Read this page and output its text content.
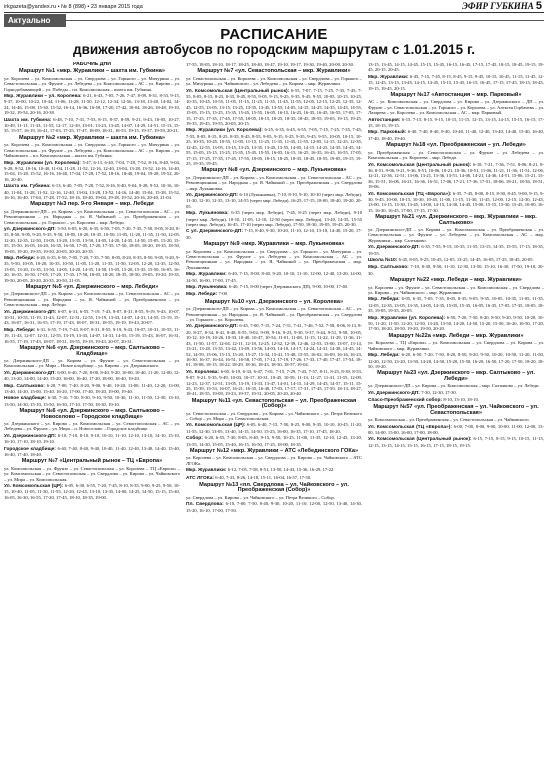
irkgazeta@yandex.ru • № 8 (898) • 23 января 2015 года	ЭФИР ГУБКИНА 5
Актуально
РАСПИСАНИЕ
движения автобусов по городским маршрутам с 1.01.2015 г.
РАБОЧИЕ ДНИ
Маршрут №1 «мкр. Журавлики – шахта им. Губкина»

ул. Королева – ул. Комсомольская – ул. Свердлова – ул. Горького – ул. Мичурина – ул. Севастопольская – ул. Фрунзе – ул. Лебедева – ул. Комсомольская – АС – ул. Кирова – ул. Горнодобывающей – ул. Победы – пл. Комсомольская – шахта им. Губкина.

Мкр. Журавлики – ул. Королева: 6-21, 6-43, 7-05, 7-26, 7-47, 8-09, 8-31, 8-53, 9-15, 9-37, 10-00, 10-22, 10-44, 11-06, 11-28, 11-50, 12-12, 12-34, 12-56, 13-18, 13-40, 14-02, 14-24, 14-46, 15-08, 15-30, 15-52, 16-14, 16-36, 16-58, 17-20, 17-42, 18-04, 18-26, 18-48, 19-10, 19-32, 19-54, 20-16, 20-38.

Шахта им. Губкина: 6-48, 7-10, 7-31, 7-53, 8-15, 8-37, 8-59, 9-21, 9-43, 10-05, 10-27, 10-49, 11-11, 11-33, 11-55, 12-17, 12-39, 13-01, 13-23, 13-45, 14-07, 14-29, 14-51, 15-13, 15-35, 15-57, 16-19, 16-41, 17-03, 17-25, 17-47, 18-09, 18-31, 18-53, 19-15, 19-37, 19-59, 20-21.

Маршрут №2 «мкр. Журавлики – шахта им. Губкина»

ул. Королева – ул. Комсомольская – ул. Свердлова – ул. Горького – ул. Мичурина – ул. Севастопольская – ул. Фрунзе – ул. Лебедева – ул. Комсомольская – АС – ул. Кирова – ул. Чайковского – пл. Комсомольская – шахта им. Губкина.

Мкр. Журавлики (ул. Королева): 5-47, 6-13, 6-40, 7-04, 7-28, 7-52, 8-16, 8-40, 9-04, 9-28, 9-52, 10-16, 10-40, 11-04, 11-28, 11-52, 12-16, 12-40, 13-04, 13-28, 13-52, 14-16, 14-40, 15-04, 15-28, 15-52, 16-16, 16-40, 17-04, 17-28, 17-52, 18-16, 18-40, 19-04, 19-28, 19-52, 20-16, 20-40.

Шахта им. Губкина: 6-13, 6-40, 7-05, 7-28, 7-52, 8-16, 8-40, 9-04, 9-28, 9-52, 10-16, 10-40, 11-04, 11-28, 11-52, 12-16, 12-40, 13-04, 13-28, 13-52, 14-16, 14-40, 15-04, 15-28, 15-52, 16-16, 16-40, 17-04, 17-28, 17-52, 18-16, 18-40, 19-04, 19-28, 19-52, 20-16, 20-40, 21-04.

Маршрут №3 пер. 9-го Января – мкр. Лебеди

ул. Дзержинского-ДП – ул. Кирова – ул. Комсомольская – ул. Севастопольская – АС – ул. Революционная – ул. Народная – ул. Я. Чайкиной – ул. Преображенская – ул. Севастопольская – ул. Горького – ул. Королева – мкр. Лебеди.

ул. Дзержинского-ДП: 5-50, 6-05, 6-20, 6-35, 6-50, 7-05, 7-20, 7-35, 7-50, 8-05, 8-20, 8-35, 8-50, 9-05, 9-20, 9-35, 9-50, 10-05, 10-20, 10-35, 10-50, 11-05, 11-20, 11-35, 11-50, 12-05, 12-20, 12-35, 12-50, 13-05, 13-20, 13-35, 13-50, 14-05, 14-20, 14-35, 14-50, 15-05, 15-20, 15-35, 15-50, 16-05, 16-20, 16-35, 16-50, 17-05, 17-20, 17-35, 17-50, 18-05, 18-20, 18-35, 18-50, 19-05, 19-20, 19-35, 19-50, 20-05, 20-20, 20-35.

Мкр. Лебеди: 6-20, 6-35, 6-50, 7-05, 7-20, 7-35, 7-50, 8-05, 8-20, 8-35, 8-50, 9-05, 9-20, 9-35, 9-50, 10-05, 10-20, 10-35, 10-50, 11-05, 11-20, 11-35, 11-50, 12-05, 12-20, 12-35, 12-50, 13-05, 13-20, 13-35, 13-50, 14-05, 14-20, 14-35, 14-50, 15-05, 15-20, 15-35, 15-50, 16-05, 16-20, 16-35, 16-50, 17-05, 17-20, 17-35, 17-50, 18-05, 18-20, 18-35, 18-50, 19-05, 19-20, 19-35, 19-50, 20-05, 20-20, 20-35, 20-50, 21-05.

Маршрут №5 «ул. Дзержинского – мкр. Лебеди»

ул. Дзержинского-ДП – ул. Кирова – ул. Комсомольская – ул. Севастопольская – АС – ул. Революционная – ул. Народная – ул. Я. Чайкиной – ул. Преображенская – ул. Севастопольская – мкр. Лебеди.

Ул. Дзержинского-ДП: 6-07, 6-31, 6-55, 7-19, 7-43, 8-07, 8-31, 8-55, 9-19, 9-43, 10-07, 10-31, 10-55, 11-19, 11-43, 12-07, 12-31, 12-55, 13-19, 13-43, 14-07, 14-31, 14-55, 15-19, 15-43, 16-07, 16-31, 16-55, 17-19, 17-43, 18-07, 18-31, 18-55, 19-19, 19-43, 20-07.

Мкр. Лебеди: 6-31, 6-55, 7-19, 7-43, 8-07, 8-31, 8-55, 9-19, 9-43, 10-07, 10-31, 10-55, 11-19, 11-43, 12-07, 12-31, 12-55, 13-19, 13-43, 14-07, 14-31, 14-55, 15-19, 15-43, 16-07, 16-31, 16-55, 17-19, 17-43, 18-07, 18-31, 18-55, 19-19, 19-43, 20-07, 20-31.

Маршрут №6 «ул. Дзержинского – мкр. Салтыково – Кладбище»

ул. Дзержинского-ДП – ул. Кирова – ул. Фрунзе – ул. Севастопольская – ул. Комсомольская – ул. Мира – Новое кладбище – ул. Кирова – ул. Дзержинского.

Ул. Дзержинского-ДП: 6-00, 6-40, 7-20, 8-00, 8-40, 9-20, 10-00, 10-40, 11-20, 12-00, 12-40, 13-20, 14-00, 14-40, 15-20, 16-00, 16-40, 17-20, 18-00, 18-40, 19-20.

Мкр. Салтыково: 6-20, 7-00, 7-40, 8-20, 9-00, 9-40, 10-20, 11-00, 11-40, 12-20, 13-00, 13-40, 14-20, 15-00, 15-40, 16-20, 17-00, 17-40, 18-20, 19-00, 19-40.

Новое кладбище: 6-30, 7-10, 7-50, 8-30, 9-10, 9-50, 10-30, 11-10, 11-50, 12-30, 13-10, 13-50, 14-30, 15-10, 15-50, 16-30, 17-10, 17-50, 18-30, 19-10.

Маршрут №6 «ул. Дзержинского – мкр. Салтыково – Новоселово – Городское кладбище»

ул. Дзержинского – ул. Кирова – ул. Комсомольская – ул. Севастопольская – АС – ул. Лебедева – ул. Фрунзе – ул. Мира – п. Новоселово – Городское кладбище.

Ул. Дзержинского-ДП: 6-10, 7-10, 8-10, 9-10, 10-10, 11-10, 12-10, 13-10, 14-10, 15-10, 16-10, 17-10, 18-10, 19-10.

Городское кладбище: 6-40, 7-40, 8-40, 9-40, 10-40, 11-40, 12-40, 13-40, 14-40, 15-40, 16-40, 17-40, 18-40.

Маршрут №7 «Центральный рынок – ТЦ «Европа»

ул. Комсомольская – ул. Фрунзе – ул. Севастопольская – ул. Королева – ТЦ «Европа» – ул. Комсомольская – ул. Севастопольская – ул. Свердлова – ул. Кирова – ул. Чайковского – ул. Мира – ул. Комсомольская.

Ул. Комсомольская (ЦР): 6-05, 6-30, 6-55, 7-20, 7-45, 8-10, 8-35, 9-00, 9-25, 9-50, 10-15, 10-40, 11-05, 11-30, 11-55, 12-20, 12-45, 13-10, 13-35, 14-00, 14-25, 14-50, 15-15, 15-40, 16-05, 16-30, 16-55, 17-20, 17-45, 18-10, 18-35, 19-00.

17-55, 18-05, 18-10, 18-17, 18-25, 18-40, 18-47, 19-10, 19-17, 19-30, 19-40, 20-00, 20-30.

Маршрут №7 «ул. Севастопольская – мкр. Журавлики»

ул. Севастопольская – ул. Королева – ул. Комсомольская – ул. Свердлова – ул. Горького – ул. Мичурина – ул. Чайковского – ул. Лебедева – ул. Кирова – мкр. Журавлики.

Ул. Комсомольская (Центральный рынок): 6-55, 7-07, 7-15, 7-25, 7-35, 7-45, 7-55, 8-05, 8-15, 8-25, 8-35, 8-45, 8-55, 9-05, 9-15, 9-25, 9-35, 9-45, 9-55, 10-05, 10-15, 10-25, 10-35, 10-45, 10-55, 11-05, 11-15, 11-25, 11-35, 11-45, 11-55, 12-05, 12-15, 12-25, 12-35, 12-45, 12-55, 13-05, 13-15, 13-25, 13-35, 13-45, 13-55, 14-05, 14-15, 14-25, 14-35, 14-45, 14-55, 15-05, 15-15, 15-25, 15-35, 15-45, 15-55, 16-05, 16-15, 16-25, 16-35, 16-45, 16-55, 17-05, 17-15, 17-25, 17-35, 17-45, 17-55, 18-05, 18-15, 18-25, 18-35, 18-45, 18-55, 19-05, 19-15, 19-25, 19-35, 19-45, 19-55, 20-05, 20-15.

Мкр. Журавлики (ул. Королева): 6-25, 6-35, 6-45, 6-55, 7-05, 7-15, 7-25, 7-35, 7-45, 7-55, 8-05, 8-15, 8-25, 8-35, 8-45, 8-55, 9-05, 9-15, 9-25, 9-35, 9-45, 9-55, 10-05, 10-15, 10-25, 10-35, 10-45, 10-55, 11-05, 11-15, 11-25, 11-35, 11-45, 11-55, 12-05, 12-15, 12-25, 12-35, 12-45, 12-55, 13-05, 13-15, 13-25, 13-35, 13-45, 13-55, 14-05, 14-15, 14-25, 14-35, 14-45, 14-55, 15-05, 15-15, 15-25, 15-35, 15-45, 15-55, 16-05, 16-15, 16-25, 16-35, 16-45, 16-55, 17-05, 17-15, 17-25, 17-35, 17-45, 17-55, 18-05, 18-15, 18-25, 18-35, 18-45, 18-55, 19-05, 19-15, 19-25, 19-35, 19-45.

Маршрут №8 «ул. Дзержинского – мкр. Лукьяновка»

ул. Дзержинского-ДП – ул. Кирова – ул. Комсомольская – ул. Севастопольская – АС – ул. Революционная – ул. Народная – ул. Я. Чайкиной – ул. Преображенская – ул. Свердлова – мкр. Лукьяновка.

Ул. Дзержинского-ДП: 6-10 (Лукьяновка), 7-10, 8-10, 9-10, 10-10 (через мкр. Лебеди), 11-30, 12-10, 12-35, 13-10, 14-55 (через мкр. Лебеди), 16-25, 17-15, 18-00, 18-40, 19-20, 20-05.

Мкр. Лукьяновка: 6-35 (через мкр. Лебеди), 7-45, 8-25 (через мкр. Лебеди), 9-10 (через мкр. Лебеди), 10-10, 11-05, 12-10, 12-50 (через мкр. Лебеди), 13-40, 14-35, 15-55 (через мкр. Лебеди), 16-45, 17-10 (через мкр. Лебеди), 17-50, 18-30, 19-05, 19-45, 20-30.

С ул. Дзержинского-ДП: 7-15, 8-40, 9-30, 10-20, 11-10, 12-10, 13-10, 14-40, 15-20, 17-30.

Маршрут №9 «мкр. Журавлики – мкр. Лукьяновка»

ул. Королева – ул. Комсомольская – ул. Свердлова – ул. Горького – ул. Мичурина – ул. Севастопольская – ул. Фрунзе – ул. Лебедева – ул. Комсомольская – АС – ул. Революционная – ул. Народная – ул. Я. Чайкиной – ул. Преображенская – мкр. Лукьяновка.

Мкр. Журавлики: 6-40, 7-15, 8-00, 8-40, 9-20, 10-10, 11-10, 12-00, 12-40, 13-20, 14-00, 14-50, 16-00, 17-00, 17-45.

Мкр. Лукьяновка: 6-40, 7-15, 8-00 (через Дзержинского ДП), 9-00, 10-00, 17-40.

Мкр. Лебеди: 7-00.

Маршрут №10 «ул. Дзержинского – ул. Королева»

ул. Дзержинского-ДП – ул. Кирова – ул. Комсомольская – ул. Севастопольская – АС – ул. Революционная – ул. Народная – ул. Я. Чайкиной – ул. Преображенская – ул. Свердлова – ул. Горького – ул. Королева.

Ул. Дзержинского-ДП: 6-45, 7-00, 7-15, 7-24, 7-31, 7-41, 7-46, 7-52, 7-58, 8-06, 8-13, 8-20, 8-27, 8-34, 8-41, 8-48, 8-55, 9-02, 9-09, 9-16, 9-23, 9-30, 9-37, 9-44, 9-51, 9-58, 10-05, 10-12, 10-19, 10-26, 10-33, 10-40, 10-47, 10-54, 11-01, 11-08, 11-15, 11-22, 11-29, 11-36, 11-43, 11-50, 11-57, 12-04, 12-11, 12-18, 12-25, 12-32, 12-39, 12-46, 12-53, 13-00, 13-07, 13-14, 13-21, 13-28, 13-35, 13-42, 13-49, 13-56, 14-03, 14-10, 14-17, 14-24, 14-31, 14-38, 14-45, 14-52, 14-59, 15-06, 15-13, 15-20, 15-27, 15-34, 15-41, 15-48, 15-55, 16-02, 16-09, 16-16, 16-23, 16-30, 16-37, 16-44, 16-51, 16-58, 17-05, 17-12, 17-19, 17-26, 17-33, 17-40, 17-47, 17-54, 18-01, 18-08, 18-15, 18-22, 18-29, 18-36, 18-43, 18-50, 18-57, 19-04.

Ул. Королева: 6-05, 6-19, 6-33, 6-47, 7-01, 7-15, 7-29, 7-43, 7-57, 8-11, 8-25, 8-39, 8-53, 9-07, 9-21, 9-35, 9-49, 10-03, 10-17, 10-31, 10-45, 10-59, 11-13, 11-27, 11-41, 11-55, 12-09, 12-23, 12-37, 12-51, 13-05, 13-19, 13-33, 13-47, 14-01, 14-15, 14-29, 14-43, 14-57, 15-11, 15-25, 15-39, 15-53, 16-07, 16-21, 16-35, 16-49, 17-03, 17-17, 17-31, 17-45, 17-59, 18-13, 18-27, 18-41, 18-55, 19-09, 19-23, 19-37, 19-51, 20-05, 20-20, 20-40.

Маршрут №11 «ул. Севастопольская – ул. Преображенская (Собор)»

ул. Севастопольская – ул. Свердлова – ул. Кирова – ул. Чайковского – ул. Петра Великого – Собор – ул. Мира – ул. Севастопольская.

Ул. Комсомольская (ЦР): 6-05, 6-40, 7-15, 7-50, 8-25, 9-00, 9-35, 10-10, 10-45, 11-20, 11-55, 12-30, 13-05, 13-40, 14-15, 14-50, 15-25, 16-00, 16-35, 17-10, 17-45, 18-20.

Собор: 6-20, 6-55, 7-30, 8-05, 8-40, 9-15, 9-50, 10-25, 11-00, 11-35, 12-10, 12-45, 13-20, 13-55, 14-30, 15-05, 15-40, 16-15, 16-50, 17-25, 18-00, 18-35.

Маршрут №12 «мкр. Журавлики – АТС «Лебединского ГОКа»

ул. Королева – ул. Комсомольская – ул. Свердлова – ул. Кирова – ул. Чайковского – АТС ЛГОКа.

Мкр. Журавлики: 6-12, 7-05, 7-58, 8-51, 13-50, 14-43, 15-36, 16-29, 17-22.

АТС ЛГОКа: 6-40, 7-33, 8-26, 14-18, 15-11, 16-04, 16-57, 17-50.

Маршрут №13 «пл. Свердлова – ул. Чайковского – ул. Преображенская (Собор)»

ул. Свердлова – ул. Кирова – ул. Чайковского – ул. Петра Великого – Собор.

Пл. Свердлова: 6-10, 7-00, 7-50, 8-40, 9-30, 10-20, 11-10, 12-00, 12-50, 13-40, 14-30, 15-20, 16-10, 17-00, 17-50.

13-15, 13-45, 14-15, 14-45, 15-15, 15-45, 16-15, 16-45, 17-15, 17-45, 18-15, 18-45, 19-15, 19-45, 20-15, 20-45.

Мкр. Журавлики: 6-45, 7-15, 7-45, 8-15, 8-45, 9-15, 9-45, 10-15, 10-45, 11-15, 11-45, 12-15, 12-45, 13-15, 13-45, 14-15, 14-45, 15-15, 15-45, 16-15, 16-45, 17-15, 17-45, 18-15, 18-45, 19-15, 19-45, 20-15.

Маршрут №17 «Автостанция – мкр. Парковый»

АС – ул. Комсомольская – ул. Свердлова – ул. Кирова – ул. Дзержинского – ДП – ул. Фрунзе – ул. Севастопольская – ул. Горького – ул. Королева – ул. Алексея Горбачева – ул. Лазарева – ул. Королева – ул. Комсомольская – АС – мкр. Парковый.

Автостанция: 6-15, 7-15, 8-15, 9-15, 10-15, 11-15, 12-15, 13-15, 14-15, 15-15, 16-15, 17-15, 18-15, 19-15.

Мкр. Парковый: 6-40, 7-40, 8-40, 9-40, 10-40, 11-40, 12-40, 13-40, 14-40, 15-40, 16-40, 17-40, 18-40, 19-40.

Маршрут №18 «ул. Преображенская – ул. Лебеди»

ул. Преображенская – ул. Севастопольская – ул. Фрунзе – ул. Лебедева – ул. Комсомольская – ул. Королева – мкр. Лебеди.

Ул. Комсомольская (Центральный рынок): 6-18, 7-21, 7-36, 7-51, 8-06, 8-21, 8-36, 8-51, 9-06, 9-21, 9-36, 9-51, 10-06, 10-21, 10-36, 10-51, 11-06, 11-21, 11-36, 11-51, 12-06, 12-21, 12-36, 12-51, 13-06, 13-21, 13-36, 13-51, 14-06, 14-21, 14-36, 14-51, 15-06, 15-21, 15-36, 15-51, 16-06, 16-21, 16-36, 16-51, 17-06, 17-21, 17-36, 17-51, 18-06, 18-21, 18-36, 18-51, 19-06.

Ул. Комсомольская (ТЦ «Европа»): 6-35, 7-45, 8-00, 8-15, 8-30, 8-45, 9-00, 9-15, 9-30, 9-45, 10-00, 10-15, 10-30, 10-45, 11-00, 11-15, 11-30, 11-45, 12-00, 12-15, 12-30, 12-45, 13-00, 13-15, 13-30, 13-45, 14-00, 14-15, 14-30, 14-45, 15-00, 15-15, 15-30, 15-45, 16-00, 16-15, 16-30, 16-45, 17-00, 17-15, 17-30.

Маршрут №21 «ул. Дзержинского – мкр. Журавлики – мкр. Салтыково»

ул. Дзержинского-ДП – ул. Кирова – ул. Комсомольская – ул. Преображенская – ул. Севастопольская – ул. Фрунзе – ул. Лебедева – ул. Комсомольская – АС – мкр. Журавлики – мкр. Салтыково.

Ул. Дзержинского-ДП: 6-35, 7-55, 9-15, 10-35, 11-55, 13-15, 14-35, 15-55, 17-15, 18-35, 19-55.

Школа №10: 6-45, 8-05, 9-25, 10-45, 12-05, 13-25, 14-45, 16-05, 17-25, 18-45, 20-05.

Мкр. Салтыково: 7-10, 8-30, 9-50, 11-10, 12-30, 13-50, 15-10, 16-30, 17-50, 19-10, 20-30.

Маршрут №22 «мкр. Лебеди – мкр. Журавлики»

ул. Королева – ул. Фрунзе – ул. Севастопольская – ул. Комсомольская – ул. Свердлова – ул. Кирова – ул. Чайковского – мкр. Журавлики.

Мкр. Лебеди: 6-05, 6-35, 7-05, 7-35, 8-05, 8-35, 9-05, 9-35, 10-05, 10-35, 11-05, 11-35, 12-05, 12-35, 13-05, 13-35, 14-05, 14-35, 15-05, 15-35, 16-05, 16-35, 17-05, 17-35, 18-05, 18-35, 19-05, 19-35, 20-05.

Мкр. Журавлики (ул. Королева): 6-50, 7-20, 7-50, 8-20, 8-50, 9-20, 9-50, 10-20, 10-50, 11-20, 11-50, 12-20, 12-50, 13-20, 13-50, 14-20, 14-50, 15-20, 15-50, 16-20, 16-50, 17-20, 17-50, 18-20, 18-50, 19-20, 19-50, 20-20.

Маршрут №22а «мкр. Лебеди – мкр. Журавлики»

ул. Королева – ТЦ «Европа» – ул. Комсомольская – ул. Свердлова – ул. Кирова – ул. Чайковского – мкр. Журавлики.

Мкр. Лебеди: 6-20, 6-50, 7-20, 7-50, 8-20, 8-50, 9-20, 9-50, 10-20, 10-50, 11-20, 11-50, 12-20, 12-50, 13-20, 13-50, 14-20, 14-50, 15-20, 15-50, 16-20, 16-50, 17-20, 17-50, 18-20, 18-50, 19-20.

Маршрут №23 «ул. Дзержинского – мкр. Салтыково – ул. Лебеди»

ул. Дзержинского-ДП – ул. Кирова – ул. Комсомольская – мкр. Салтыково – ул. Лебеди.

Ул. Дзержинского-ДП: 7-30, 12-30, 17-30.

Спасо-Преображенский собор: 8-10, 13-10, 18-10.

Маршрут №57 «ул. Преображенская – ул. Чайковского – ул. Севастопольская»

ул. Комсомольская – ул. Преображенская – ул. Севастопольская – ул. Чайковского.

Ул. Комсомольская (ТЦ «Европа»): 6-00, 7-00, 8-00, 9-00, 10-00, 11-00, 12-00, 13-00, 14-00, 15-00, 16-00, 17-00, 18-00.

Ул. Комсомольская (Центральный рынок): 6-15, 7-15, 8-15, 9-15, 10-15, 11-15, 12-15, 13-15, 14-15, 15-15, 16-15, 17-15, 18-15, 19-15.
